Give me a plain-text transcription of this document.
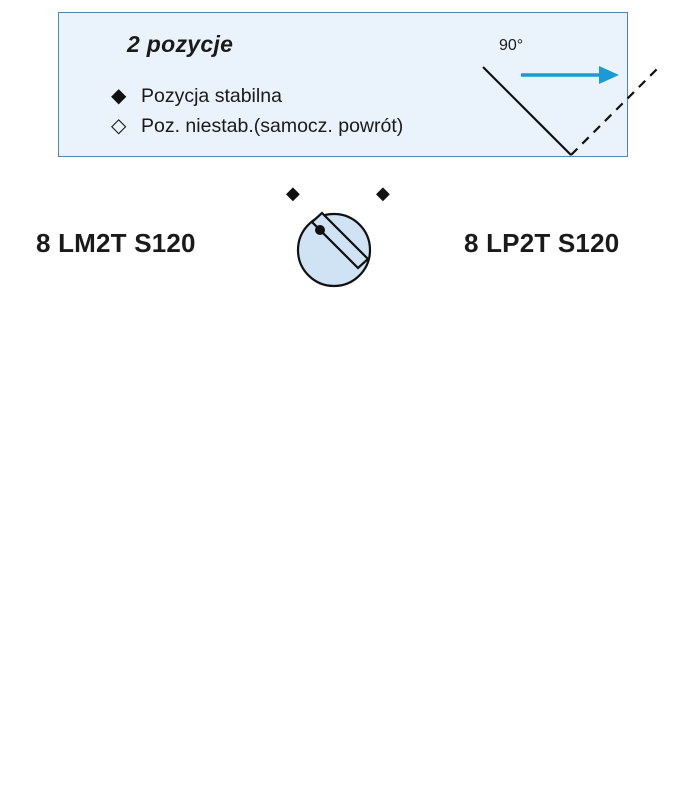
2 pozycje
◆ Pozycja stabilna
◇ Poz. niestab.(samocz. powrót)
90°
8 LM2T S120	8 LP2T S120
◆	◆
